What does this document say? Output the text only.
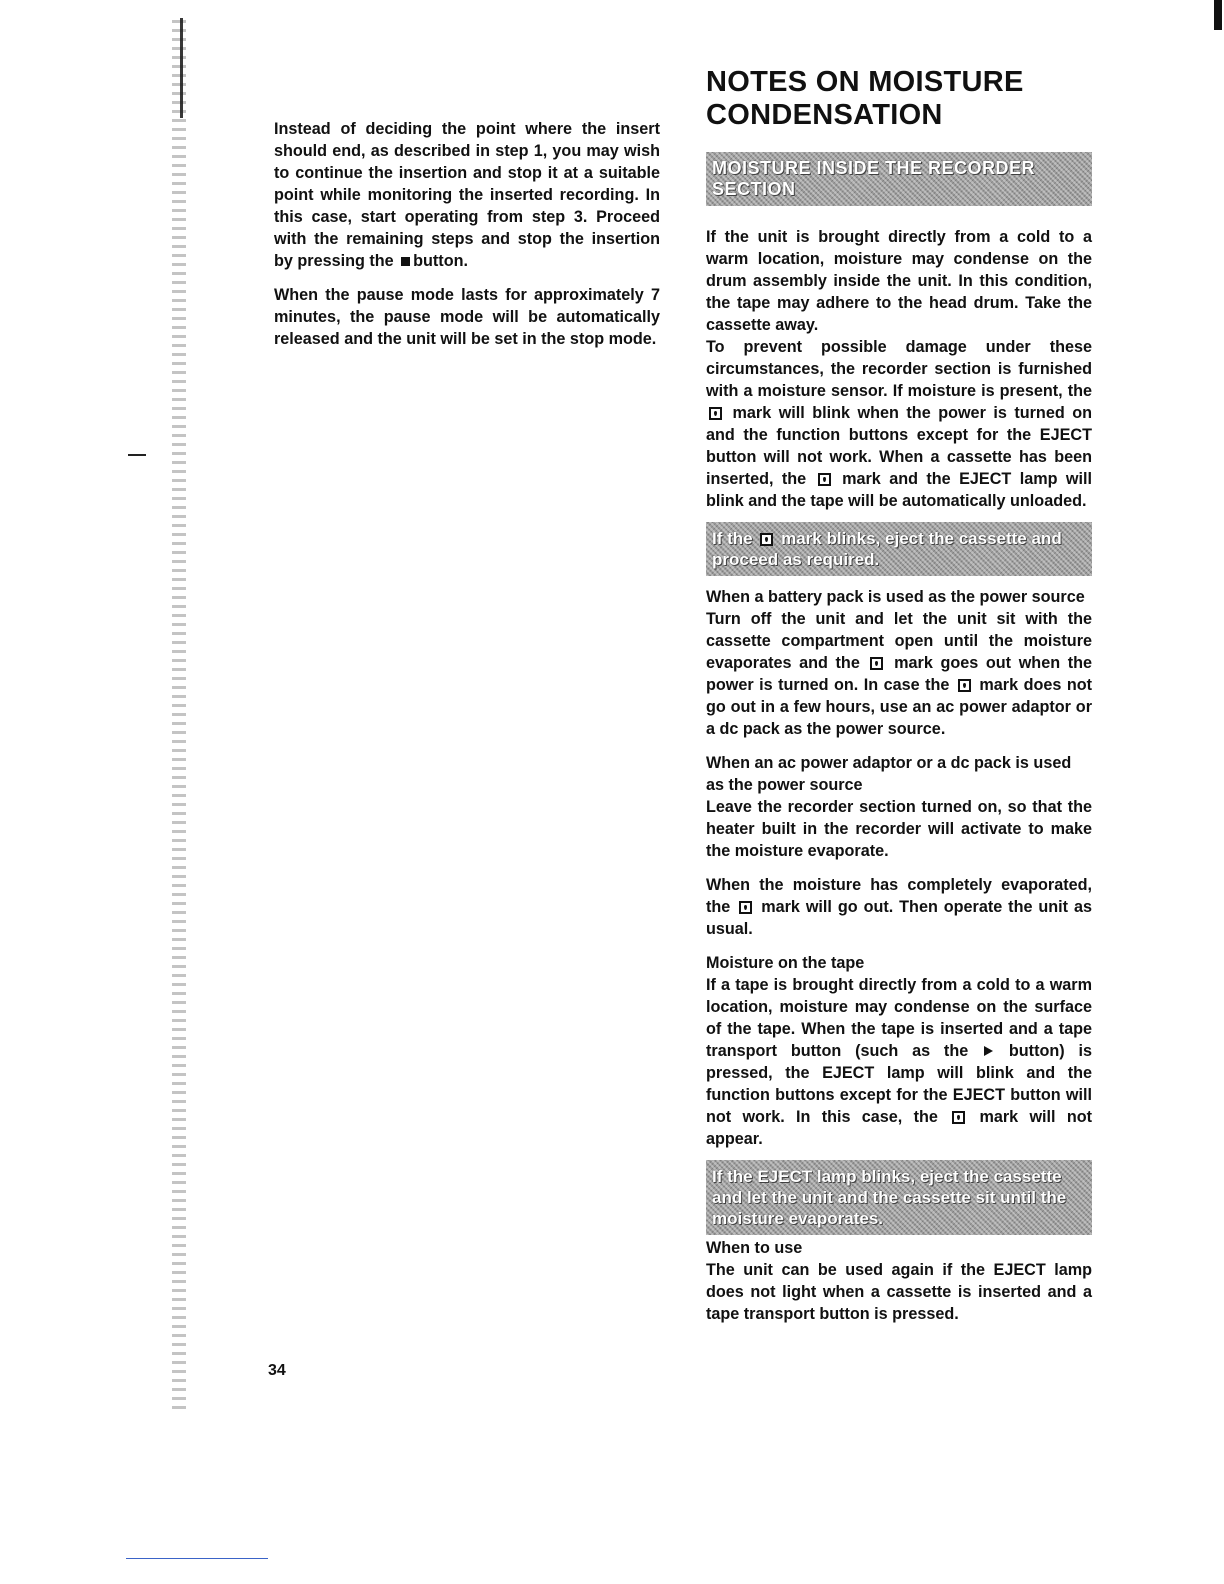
Instead of deciding the point where the insert should end, as described in step 1, you may wish to continue the insertion and stop it at a suitable point while monitoring the inserted recording. In this case, start operating from step 3. Proceed with the remaining steps and stop the insertion by pressing the button.

When the pause mode lasts for approximately 7 minutes, the pause mode will be automatically released and the unit will be set in the stop mode.

NOTES ON MOISTURE CONDENSATION
MOISTURE INSIDE THE RECORDER SECTION

If the unit is brought directly from a cold to a warm location, moisture may condense on the drum assembly inside the unit. In this condition, the tape may adhere to the head drum. Take the cassette away.

To prevent possible damage under these circumstances, the recorder section is furnished with a moisture sensor. If moisture is present, the  mark will blink when the power is turned on and the function buttons except for the EJECT button will not work. When a cassette has been inserted, the mark and the EJECT lamp will blink and the tape will be automatically unloaded.

If the mark blinks, eject the cassette and proceed as required.
When a battery pack is used as the power source

Turn off the unit and let the unit sit with the cassette compartment open until the moisture evaporates and the mark goes out when the power is turned on. In case the mark does not go out in a few hours, use an ac power adaptor or a dc pack as the power source.

When an ac power adaptor or a dc pack is used as the power source

Leave the recorder section turned on, so that the heater built in the recorder will activate to make the moisture evaporate.

When the moisture has completely evaporated, the mark will go out. Then operate the unit as usual.

Moisture on the tape

If a tape is brought directly from a cold to a warm location, moisture may condense on the surface of the tape. When the tape is inserted and a tape transport button (such as the	button) is pressed, the EJECT lamp will blink and the function buttons except for the EJECT button will not work. In this case, the	mark will not appear.

If the EJECT lamp blinks, eject the cassette and let the unit and the cassette sit until the moisture evaporates.
When to use

The unit can be used again if the EJECT lamp does not light when a cassette is inserted and a tape transport button is pressed.

34
